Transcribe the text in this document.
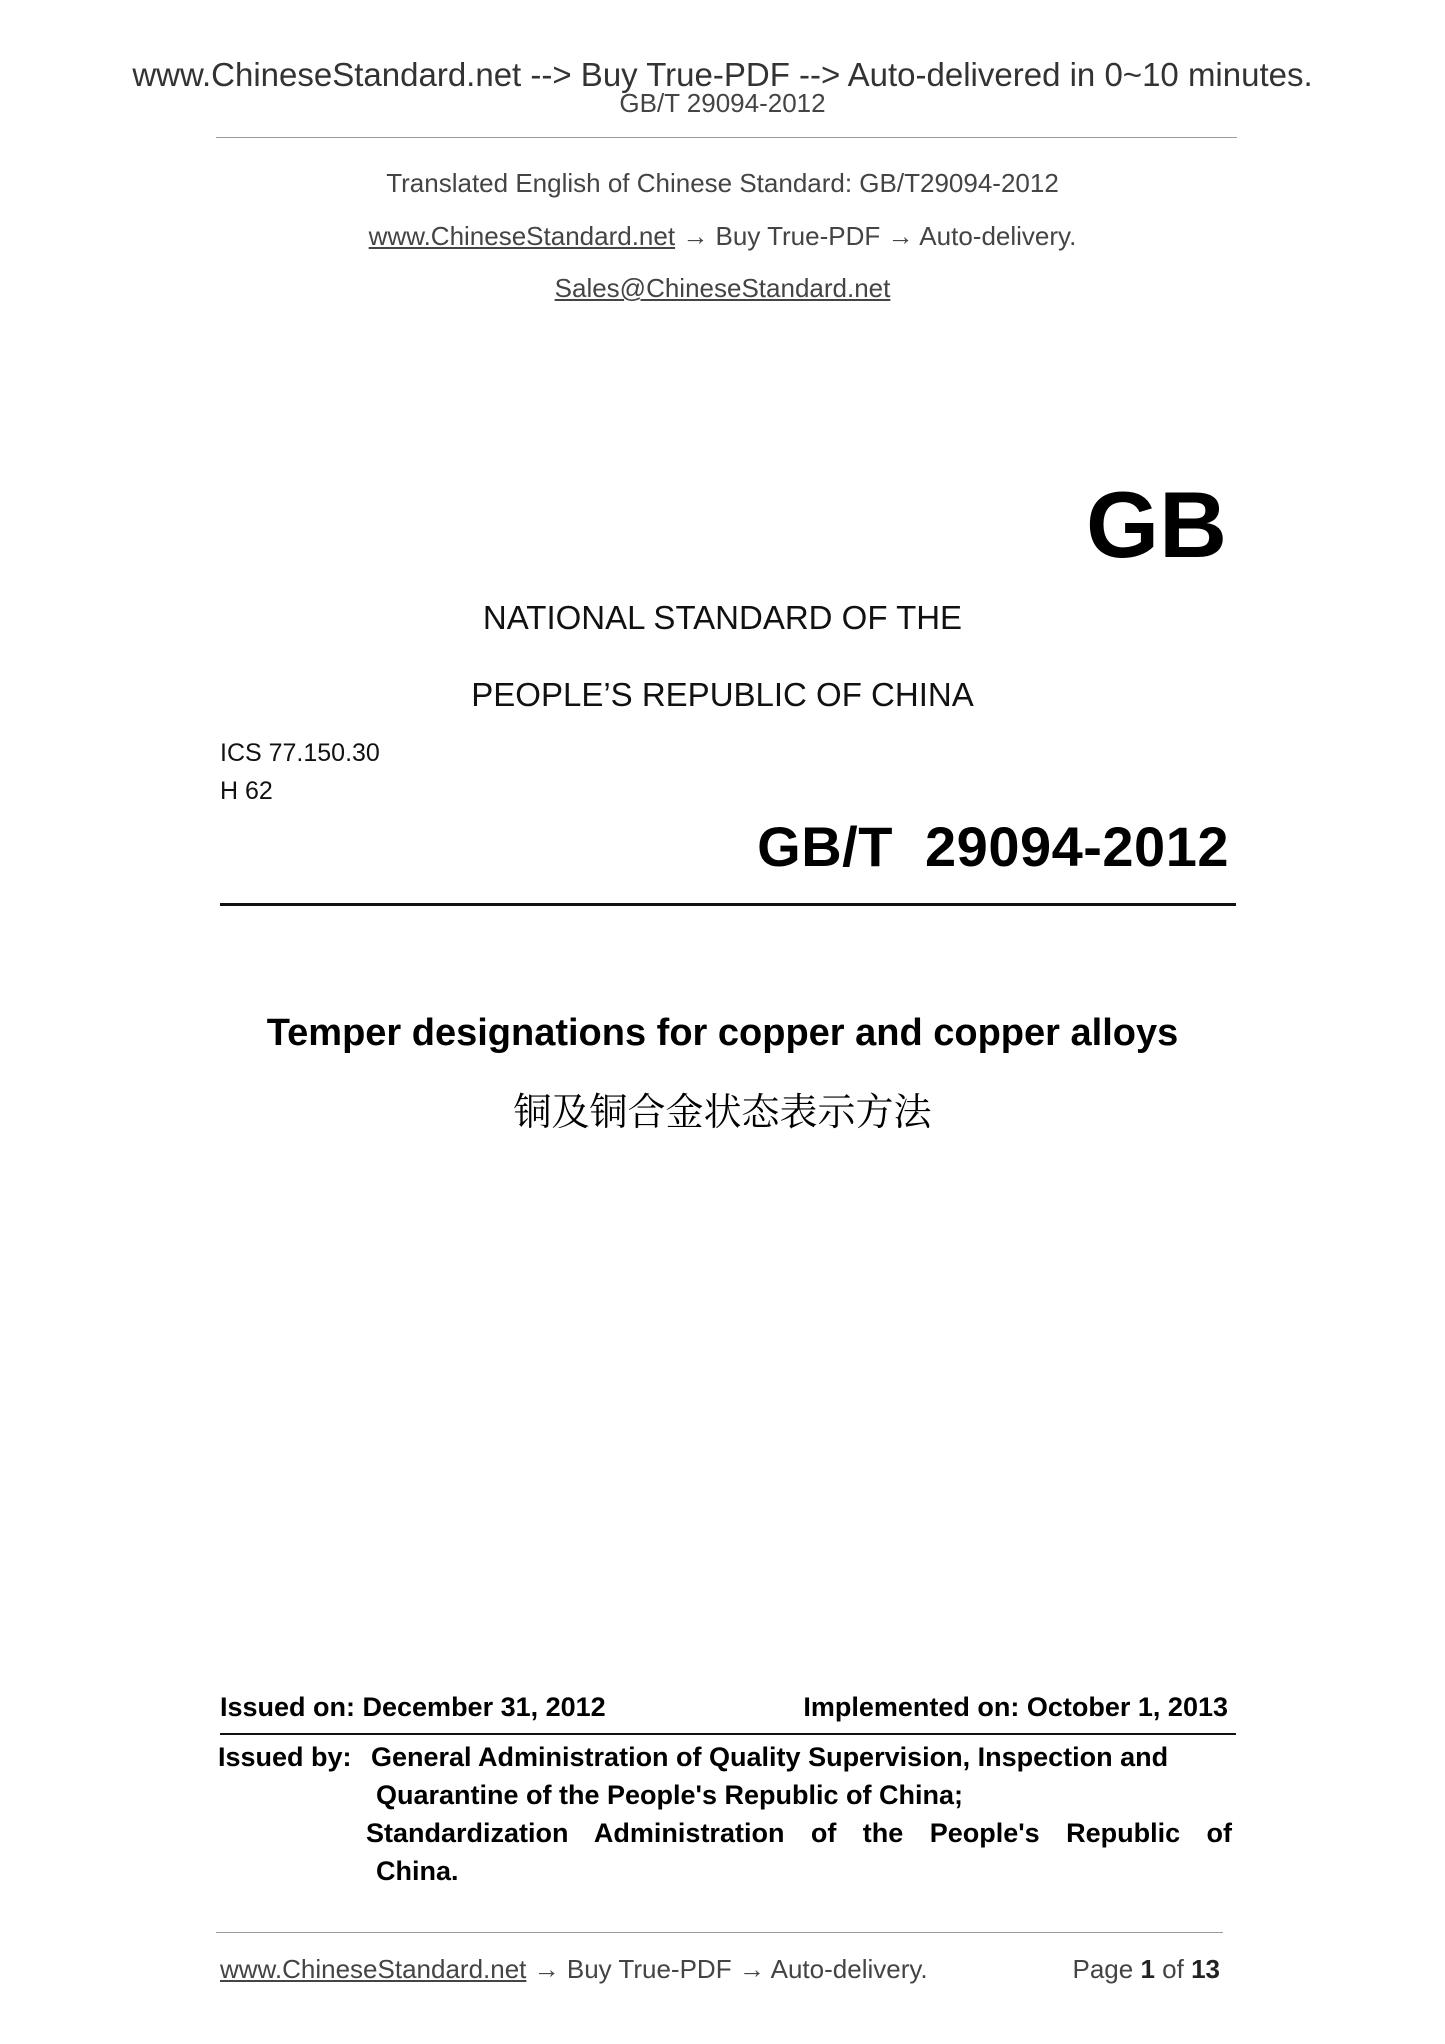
www.ChineseStandard.net --> Buy True-PDF --> Auto-delivered in 0~10 minutes.
GB/T 29094-2012
Translated English of Chinese Standard: GB/T29094-2012
www.ChineseStandard.net → Buy True-PDF → Auto-delivery.
Sales@ChineseStandard.net
GB
NATIONAL STANDARD OF THE
PEOPLE’S REPUBLIC OF CHINA
ICS 77.150.30
H 62
GB/T  29094-2012
Temper designations for copper and copper alloys
铜及铜合金状态表示方法
Issued on: December 31, 2012	Implemented on: October 1, 2013
Issued by: General Administration of Quality Supervision, Inspection and
Quarantine of the People's Republic of China;
Standardization Administration of the People's Republic of
China.
www.ChineseStandard.net → Buy True-PDF → Auto-delivery.	Page 1 of 13
